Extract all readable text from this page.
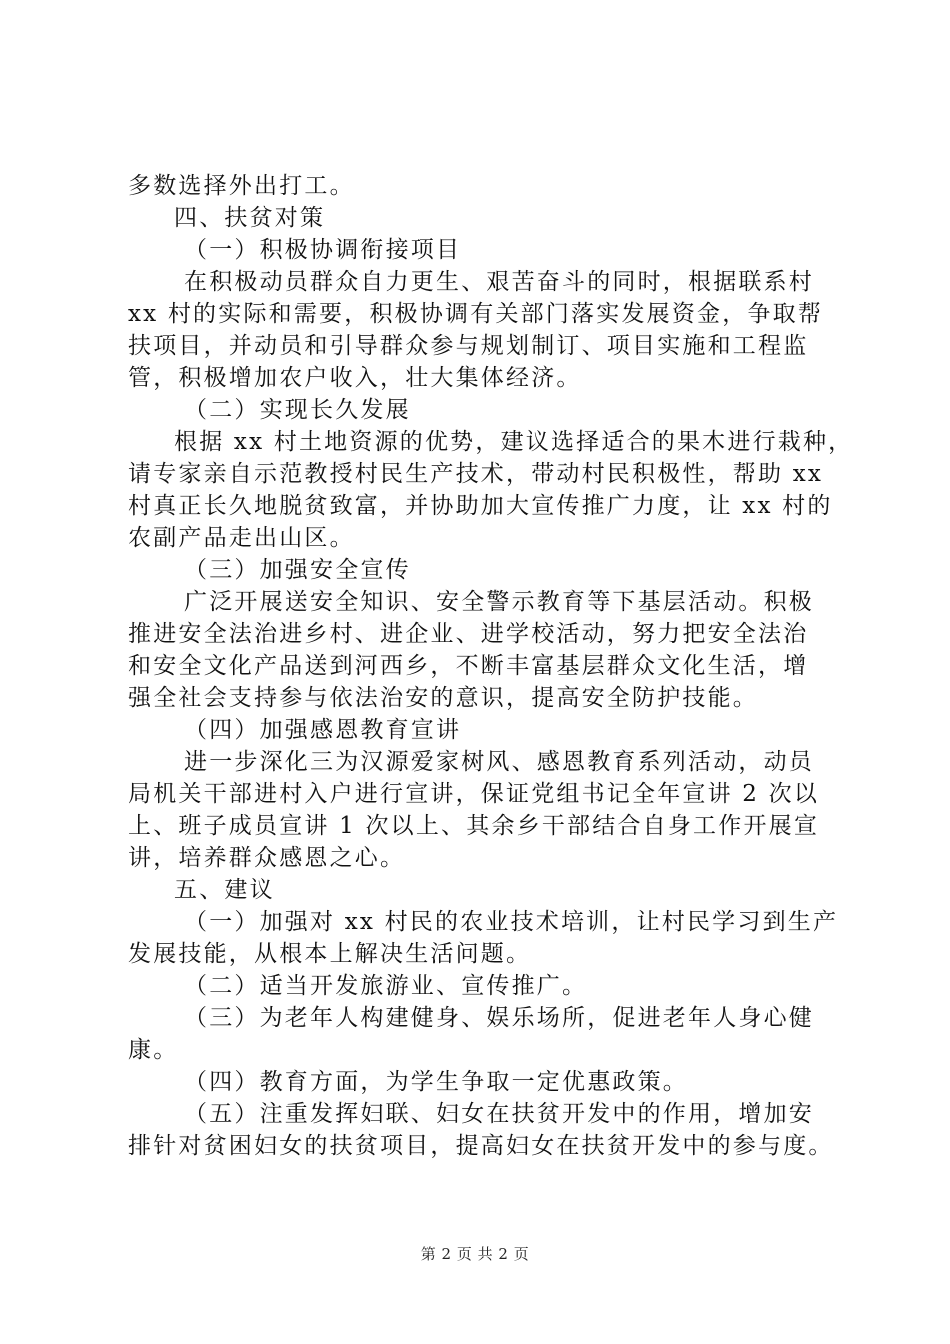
多数选择外出打工。
四、扶贫对策
（一）积极协调衔接项目
在积极动员群众自力更生、艰苦奋斗的同时，根据联系村
xx 村的实际和需要，积极协调有关部门落实发展资金，争取帮
扶项目，并动员和引导群众参与规划制订、项目实施和工程监
管，积极增加农户收入，壮大集体经济。
（二）实现长久发展
根据 xx 村土地资源的优势，建议选择适合的果木进行栽种，
请专家亲自示范教授村民生产技术，带动村民积极性，帮助 xx
村真正长久地脱贫致富，并协助加大宣传推广力度，让 xx 村的
农副产品走出山区。
（三）加强安全宣传
广泛开展送安全知识、安全警示教育等下基层活动。积极
推进安全法治进乡村、进企业、进学校活动，努力把安全法治
和安全文化产品送到河西乡，不断丰富基层群众文化生活，增
强全社会支持参与依法治安的意识，提高安全防护技能。
（四）加强感恩教育宣讲
进一步深化三为汉源爱家树风、感恩教育系列活动，动员
局机关干部进村入户进行宣讲，保证党组书记全年宣讲 2 次以
上、班子成员宣讲 1 次以上、其余乡干部结合自身工作开展宣
讲，培养群众感恩之心。
五、建议
（一）加强对 xx 村民的农业技术培训，让村民学习到生产
发展技能，从根本上解决生活问题。
（二）适当开发旅游业、宣传推广。
（三）为老年人构建健身、娱乐场所，促进老年人身心健
康。
（四）教育方面，为学生争取一定优惠政策。
（五）注重发挥妇联、妇女在扶贫开发中的作用，增加安
排针对贫困妇女的扶贫项目，提高妇女在扶贫开发中的参与度。
第 2 页 共 2 页
